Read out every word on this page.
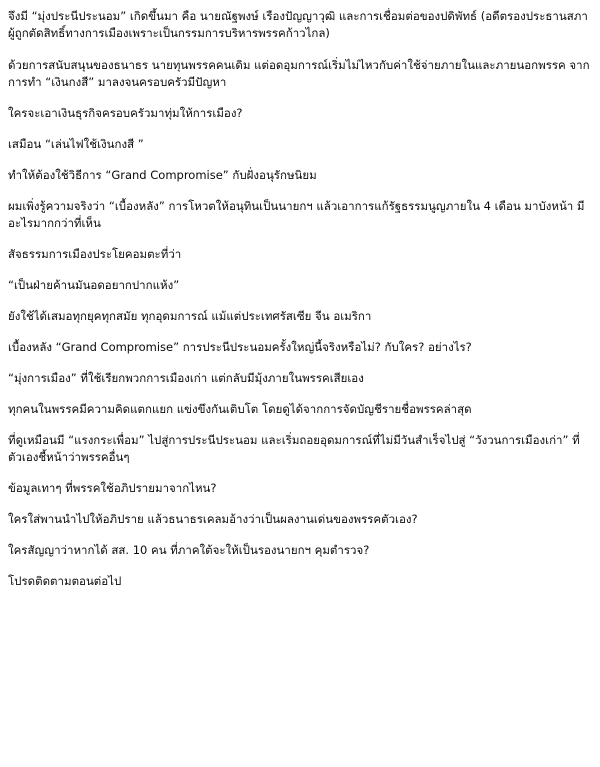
จึงมี “มุ่งประนีประนอม” เกิดขึ้นมา คือ นายณัฐพงษ์ เรืองปัญญาวุฒิ และการเชื่อมต่อของปดิพัทธ์ (อดีตรองประธานสภา ผู้ถูกตัดสิทธิ์ทางการเมืองเพราะเป็นกรรมการบริหารพรรคก้าวไกล)

ด้วยการสนับสนุนของธนาธร นายทุนพรรคคนเดิม แต่อดอุมการณ์เริ่มไม่ไหวกับค่าใช้จ่ายภายในและภายนอกพรรค จากการทำ “เงินกงสี” มาลงจนครอบครัวมีปัญหา

ใครจะเอาเงินธุรกิจครอบครัวมาทุ่มให้การเมือง?

เสมือน “เล่นไฟใช้เงินกงสี ”

ทำให้ต้องใช้วิธีการ “Grand Compromise” กับฝั่งอนุรักษนิยม

ผมเพิ่งรู้ความจริงว่า “เบื้องหลัง” การโหวตให้อนุทินเป็นนายกฯ แล้วเอาการแก้รัฐธรรมนูญภายใน 4 เดือน มาบังหน้า มีอะไรมากกว่าที่เห็น

สัจธรรมการเมืองประโยคอมตะที่ว่า

“เป็นฝ่ายค้านมันอดอยากปากแห้ง”

ยังใช้ได้เสมอทุกยุคทุกสมัย ทุกอุดมการณ์ แม้แต่ประเทศรัสเซีย จีน อเมริกา

เบื้องหลัง “Grand Compromise” การประนีประนอมครั้งใหญ่นี้จริงหรือไม่? กับใคร? อย่างไร?

“มุ่งการเมือง” ที่ใช้เรียกพวกการเมืองเก่า แต่กลับมีมุ้งภายในพรรคเสียเอง

ทุกคนในพรรคมีความคิดแตกแยก แข่งขึงกันเติบโต โดยดูได้จากการจัดบัญชีรายชื่อพรรคล่าสุด

ที่ดูเหมือนมี “แรงกระเพื่อม” ไปสู่การประนีประนอม และเริ่มถอยอุดมการณ์ที่ไม่มีวันสำเร็จไปสู่ “วังวนการเมืองเก่า” ที่ตัวเองชี้หน้าว่าพรรคอื่นๆ

ข้อมูลเทาๆ ที่พรรคใช้อภิปรายมาจากไหน?

ใครใส่พานนำไปให้อภิปราย แล้วธนาธรเคลมอ้างว่าเป็นผลงานเด่นของพรรคตัวเอง?

ใครสัญญาว่าหากได้ สส. 10 คน ที่ภาคใต้จะให้เป็นรองนายกฯ คุมตำรวจ?

โปรดติดตามตอนต่อไป
